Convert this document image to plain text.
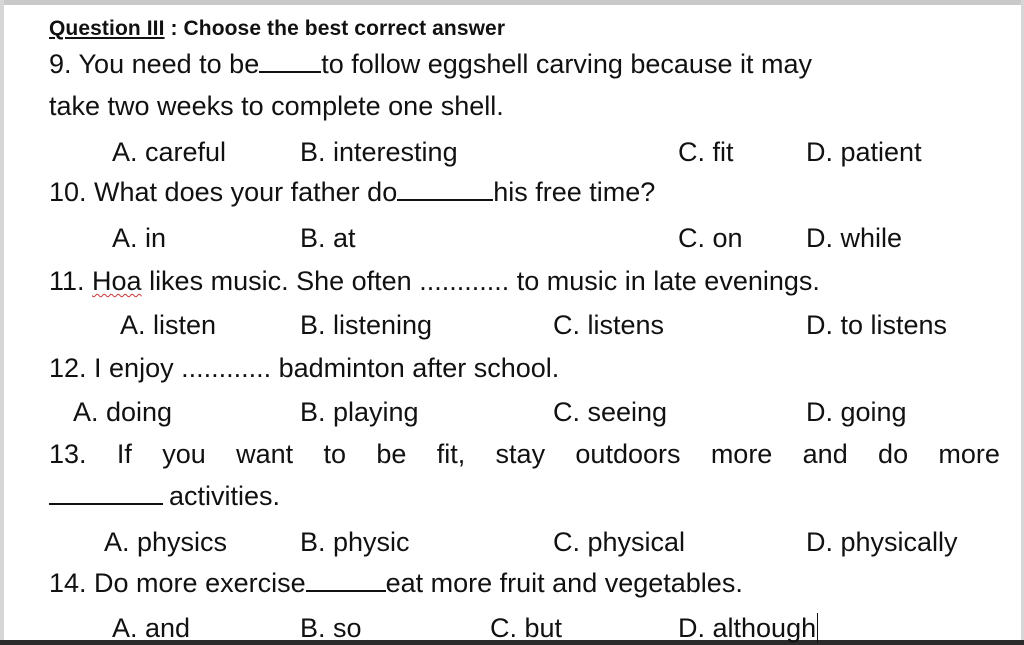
Question III : Choose the best correct answer
9. You need to be to follow eggshell carving because it may
take two weeks to complete one shell.
A. careful	B. interesting	C. fit	D. patient
10. What does your father do	his free time?
A. in	B. at	C. on D. while
11. Hoa likes music. She often ............ to music in late evenings.
A. listen	B. listening	C. listens	D. to listens
12. I enjoy ............ badminton after school.
A. doing	B. playing	C. seeing	D. going
13. If you want to be fit, stay outdoors more and do more
activities.
A. physics	B. physic	C. physical	D. physically
14. Do more exercise	eat more fruit and vegetables.
A. and	B. so	C. but	D. although
